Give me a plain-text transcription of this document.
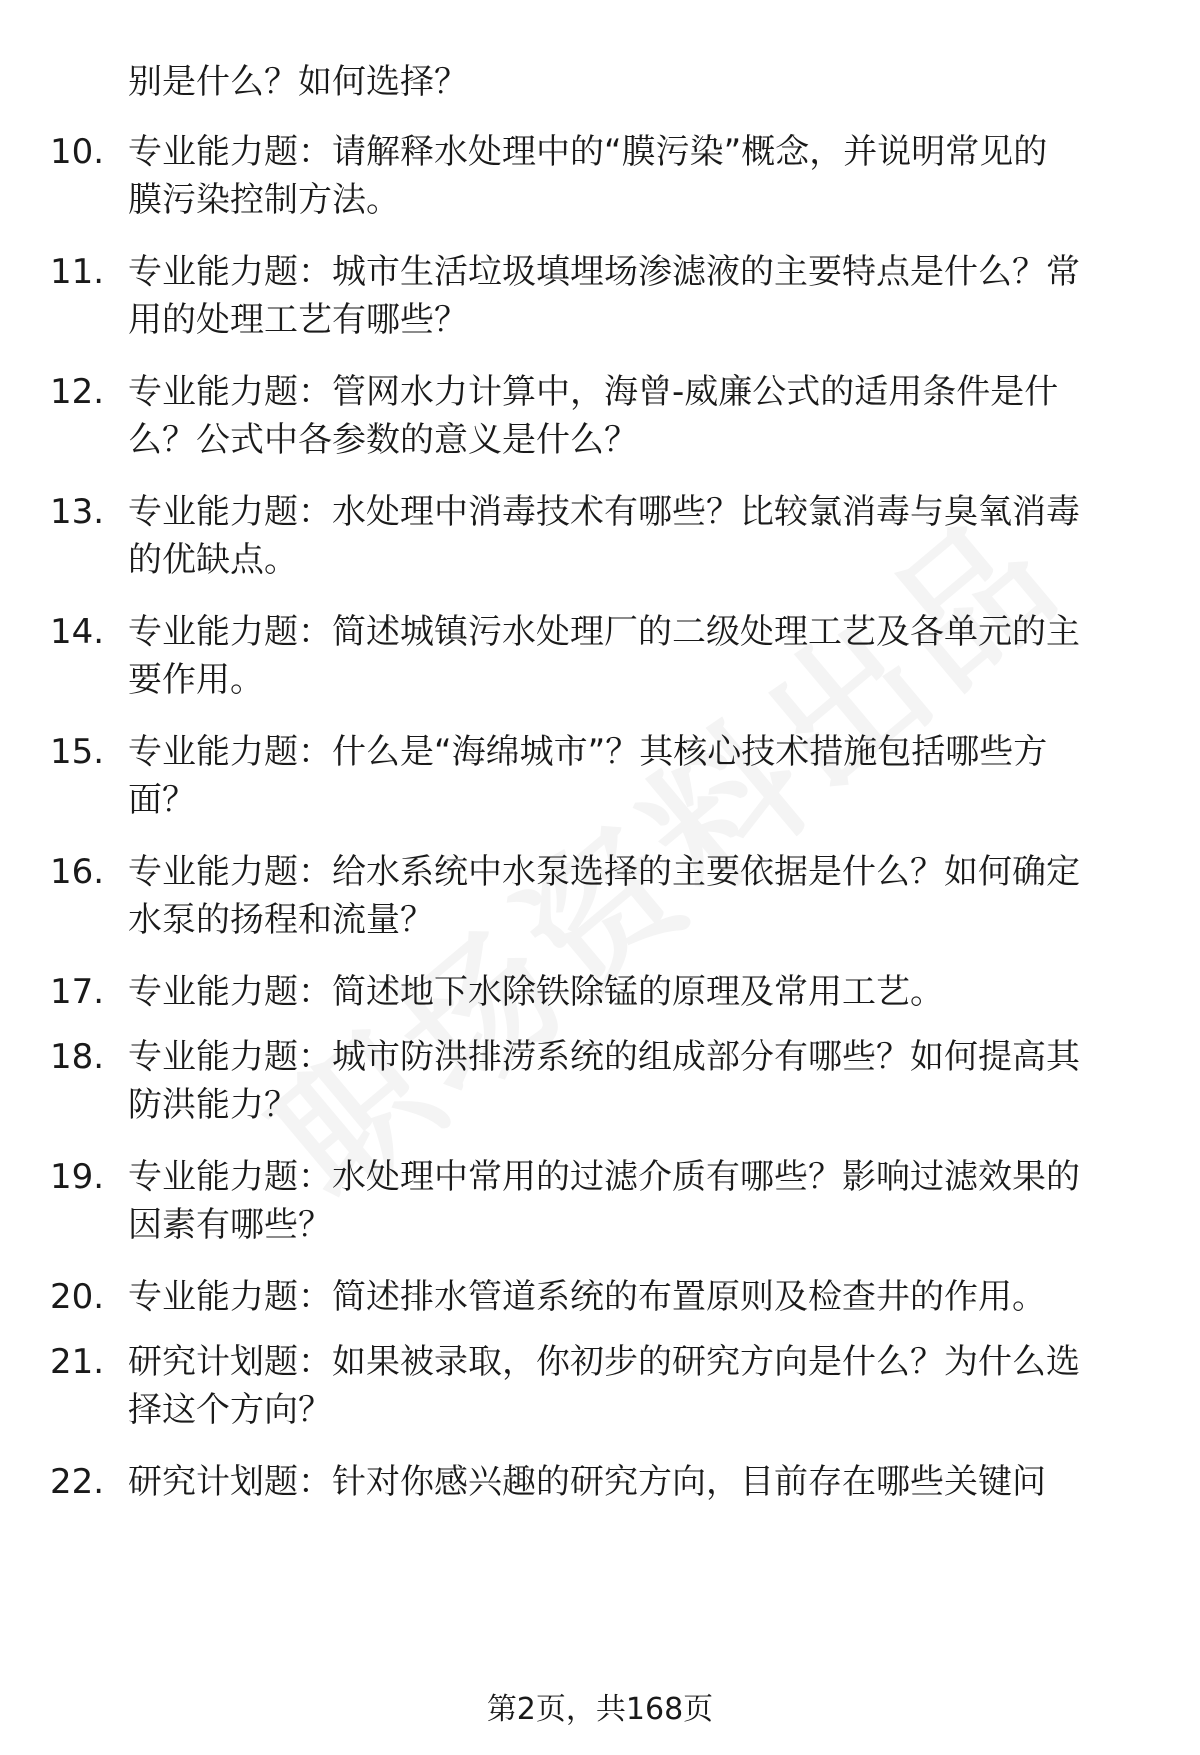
别是什么？如何选择？
10. 专业能力题：请解释水处理中的“膜污染”概念，并说明常见的
膜污染控制方法。
11. 专业能力题：城市生活垃圾填埋场渗滤液的主要特点是什么？常
用的处理工艺有哪些？
12. 专业能力题：管网水力计算中，海曾-威廉公式的适用条件是什
么？公式中各参数的意义是什么？
13. 专业能力题：水处理中消毒技术有哪些？比较氯消毒与臭氧消毒
的优缺点。
14. 专业能力题：简述城镇污水处理厂的二级处理工艺及各单元的主
要作用。
15. 专业能力题：什么是“海绵城市”？其核心技术措施包括哪些方
面？
16. 专业能力题：给水系统中水泵选择的主要依据是什么？如何确定
水泵的扬程和流量？
17. 专业能力题：简述地下水除铁除锰的原理及常用工艺。
18. 专业能力题：城市防洪排涝系统的组成部分有哪些？如何提高其
防洪能力？
19. 专业能力题：水处理中常用的过滤介质有哪些？影响过滤效果的
因素有哪些？
20. 专业能力题：简述排水管道系统的布置原则及检查井的作用。
21. 研究计划题：如果被录取，你初步的研究方向是什么？为什么选
择这个方向？
22. 研究计划题：针对你感兴趣的研究方向，目前存在哪些关键问
第2页，共168页
